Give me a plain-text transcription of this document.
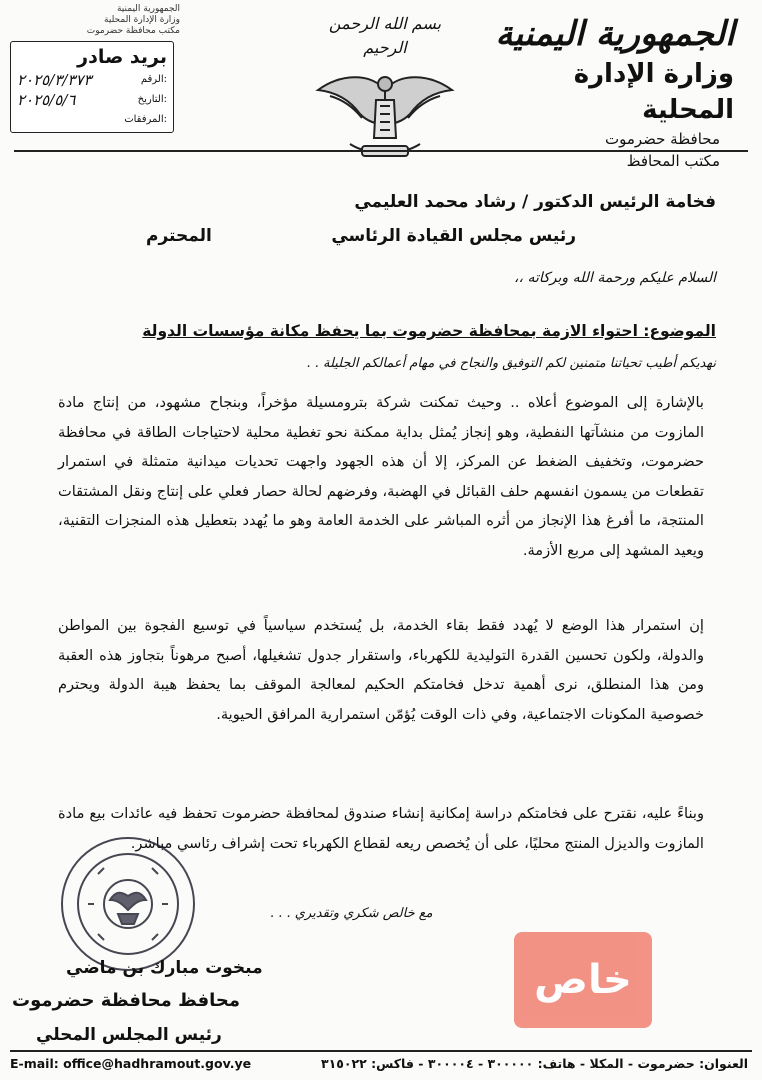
الجمهورية اليمنية
وزارة الإدارة المحلية
محافظة حضرموت
مكتب المحافظ
بسم الله الرحمن الرحيم
الجمهورية اليمنية
وزارة الإدارة المحلية
مكتب محافظة حضرموت
بريد صادر
الرقم:
٢٠٢٥/٣/٣٧٣
التاريخ:
٢٠٢٥/٥/٦
المرفقات:
فخامة الرئيس الدكتور / رشاد محمد العليمي
رئيس مجلس القيادة الرئاسي
المحترم
السلام عليكم ورحمة الله وبركاته ،،
الموضوع: احتواء الازمة بمحافظة حضرموت بما يحفظ مكانة مؤسسات الدولة
نهديكم أطيب تحياتنا متمنين لكم التوفيق والنجاح في مهام أعمالكم الجليلة . .
بالإشارة إلى الموضوع أعلاه .. وحيث تمكنت شركة بترومسيلة مؤخراً، وبنجاح مشهود، من إنتاج مادة المازوت من منشآتها النفطية، وهو إنجاز يُمثل بداية ممكنة نحو تغطية محلية لاحتياجات الطاقة في محافظة حضرموت، وتخفيف الضغط عن المركز، إلا أن هذه الجهود واجهت تحديات ميدانية متمثلة في استمرار تقطعات من يسمون انفسهم حلف القبائل في الهضبة، وفرضهم لحالة حصار فعلي على إنتاج ونقل المشتقات المنتجة، ما أفرغ هذا الإنجاز من أثره المباشر على الخدمة العامة وهو ما يُهدد بتعطيل هذه المنجزات التقنية، ويعيد المشهد إلى مربع الأزمة.
إن استمرار هذا الوضع لا يُهدد فقط بقاء الخدمة، بل يُستخدم سياسياً في توسيع الفجوة بين المواطن والدولة، ولكون تحسين القدرة التوليدية للكهرباء، واستقرار جدول تشغيلها، أصبح مرهوناً بتجاوز هذه العقبة ومن هذا المنطلق، نرى أهمية تدخل فخامتكم الحكيم لمعالجة الموقف بما يحفظ هيبة الدولة ويحترم خصوصية المكونات الاجتماعية، وفي ذات الوقت يُؤمّن استمرارية المرافق الحيوية.
وبناءً عليه، نقترح على فخامتكم دراسة إمكانية إنشاء صندوق لمحافظة حضرموت تحفظ فيه عائدات بيع مادة المازوت والديزل المنتج محليًا، على أن يُخصص ريعه لقطاع الكهرباء تحت إشراف رئاسي مباشر.
مع خالص شكري وتقديري . . .
مبخوت مبارك بن ماضي
محافظ محافظة حضرموت
رئيس المجلس المحلي
خاص
العنوان: حضرموت - المكلا - هاتف: ٣٠٠٠٠٠ - ٣٠٠٠٠٤ - فاكس: ٣١٥٠٢٢
E-mail: office@hadhramout.gov.ye
